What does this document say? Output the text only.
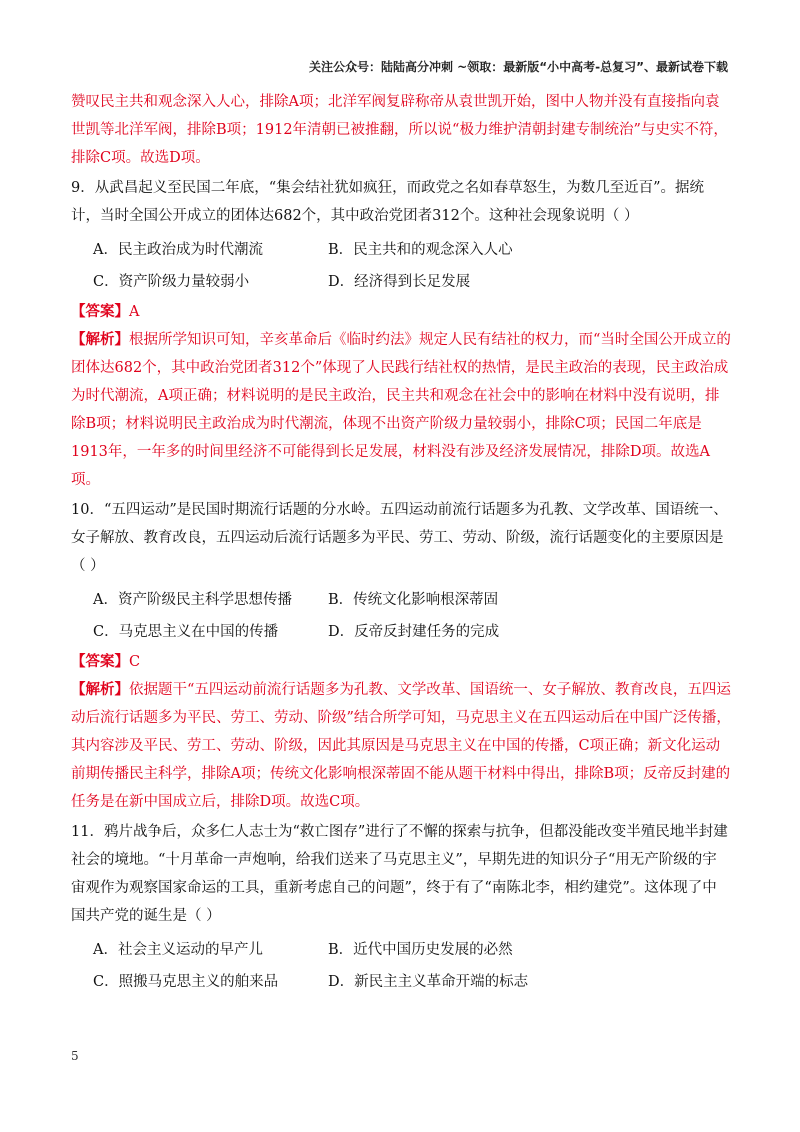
关注公众号：陆陆高分冲刺 ~领取：最新版“小中高考-总复习”、最新试卷下载

赞叹民主共和观念深入人心，排除A项；北洋军阀复辟称帝从袁世凯开始，图中人物并没有直接指向袁世凯等北洋军阀，排除B项；1912年清朝已被推翻，所以说“极力维护清朝封建专制统治”与史实不符，排除C项。故选D项。

9．从武昌起义至民国二年底，“集会结社犹如疯狂，而政党之名如春草怒生，为数几至近百”。据统计，当时全国公开成立的团体达682个，其中政治党团者312个。这种社会现象说明（ ）

A．民主政治成为时代潮流	B．民主共和的观念深入人心
C．资产阶级力量较弱小	D．经济得到长足发展
【答案】A

【解析】根据所学知识可知，辛亥革命后《临时约法》规定人民有结社的权力，而“当时全国公开成立的团体达682个，其中政治党团者312个”体现了人民践行结社权的热情，是民主政治的表现，民主政治成为时代潮流，A项正确；材料说明的是民主政治，民主共和观念在社会中的影响在材料中没有说明，排除B项；材料说明民主政治成为时代潮流，体现不出资产阶级力量较弱小，排除C项；民国二年底是1913年，一年多的时间里经济不可能得到长足发展，材料没有涉及经济发展情况，排除D项。故选A项。

10．“五四运动”是民国时期流行话题的分水岭。五四运动前流行话题多为孔教、文学改革、国语统一、女子解放、教育改良，五四运动后流行话题多为平民、劳工、劳动、阶级，流行话题变化的主要原因是（ ）

A．资产阶级民主科学思想传播	B．传统文化影响根深蒂固
C．马克思主义在中国的传播	D．反帝反封建任务的完成
【答案】C

【解析】依据题干“五四运动前流行话题多为孔教、文学改革、国语统一、女子解放、教育改良，五四运动后流行话题多为平民、劳工、劳动、阶级”结合所学可知，马克思主义在五四运动后在中国广泛传播，其内容涉及平民、劳工、劳动、阶级，因此其原因是马克思主义在中国的传播，C项正确；新文化运动前期传播民主科学，排除A项；传统文化影响根深蒂固不能从题干材料中得出，排除B项；反帝反封建的任务是在新中国成立后，排除D项。故选C项。

11．鸦片战争后，众多仁人志士为“救亡图存”进行了不懈的探索与抗争，但都没能改变半殖民地半封建社会的境地。“十月革命一声炮响，给我们送来了马克思主义”，早期先进的知识分子“用无产阶级的宇宙观作为观察国家命运的工具，重新考虑自己的问题”，终于有了“南陈北李，相约建党”。这体现了中国共产党的诞生是（ ）

A．社会主义运动的早产儿	B．近代中国历史发展的必然
C．照搬马克思主义的舶来品	D．新民主主义革命开端的标志
5
